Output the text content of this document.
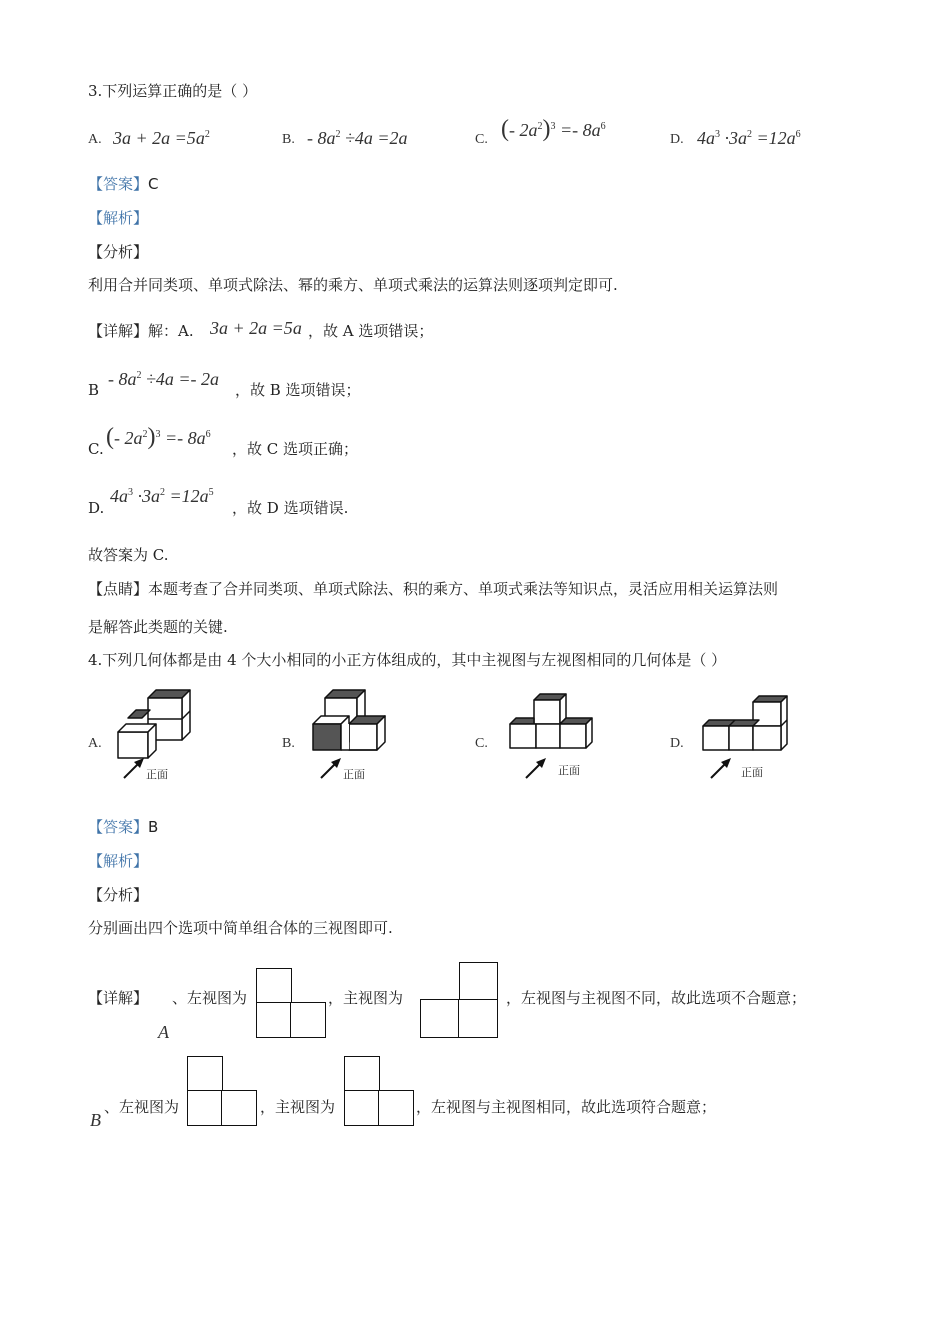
3.下列运算正确的是（ ）
A. $3a + 2a =5a^2$	B. - $8a^2 \div 4a =2a$	C. (- $2a^2)^3 =- 8a^6$
D. $4a^3 \cdot 3a^2 =12a^6$
【答案】C
【解析】
【分析】
利用合并同类项、单项式除法、幂的乘方、单项式乘法的运算法则逐项判定即可.
【详解】解：A. 3a + 2a =5a ，故 A 选项错误；
B
- $8a^2 \div 4a =- 2a$
，故 B 选项错误；
C. (- $2a^2)^3 =- 8a^6$
，故 C 选项正确；
D.
$4a^3 \cdot 3a^2 =12a^5$
，故 D 选项错误.
故答案为 C.
【点睛】本题考查了合并同类项、单项式除法、积的乘方、单项式乘法等知识点，灵活应用相关运算法则
是解答此类题的关键.
4.下列几何体都是由 4 个大小相同的小正方体组成的，其中主视图与左视图相同的几何体是（ ）
A.	B.	C.	D.
正面	正面	正面	正面
【答案】B
【解析】
【分析】
分别画出四个选项中简单组合体的三视图即可.
【详解】
A
、左视图为	，主视图为	，左视图与主视图不同，故此选项不合题意；
B
、左视图为	，主视图为	，左视图与主视图相同，故此选项符合题意；
